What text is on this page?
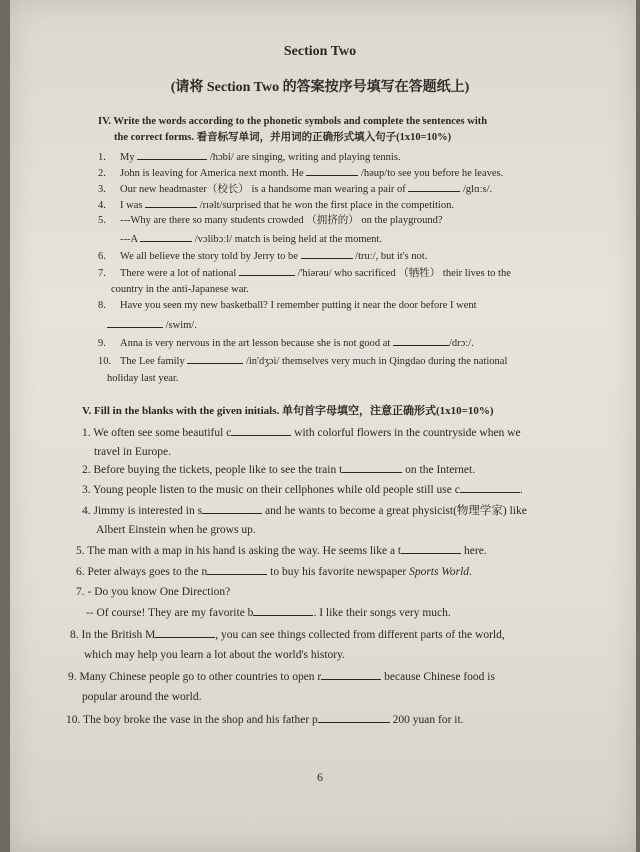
Section Two
(请将 Section Two 的答案按序号填写在答题纸上)
IV. Write the words according to the phonetic symbols and complete the sentences with
the correct forms. 看音标写单词，并用词的正确形式填入句子(1x10=10%)
1. My	/hɔbi/ are singing, writing and playing tennis.
2. John is leaving for America next month. He	/həup/to see you before he leaves.
3. Our new headmaster（校长） is a handsome man wearing a pair of	/glɑːs/.
4. I was	/rɪəlt/surprised that he won the first place in the competition.
5. ---Why are there so many students crowded （拥挤的） on the playground?
---A	/vɔlibɔːl/ match is being held at the moment.
6. We all believe the story told by Jerry to be	/truː/, but it's not.
7. There were a lot of national	/'hiərəu/ who sacrificed （牺牲） their lives to the
country in the anti-Japanese war.
8. Have you seen my new basketball? I remember putting it near the door before I went
/swim/.
9. Anna is very nervous in the art lesson because she is not good at	/drɔː/.
10. The Lee family	/in'dʒɔi/ themselves very much in Qingdao during the national
holiday last year.
V. Fill in the blanks with the given initials. 单句首字母填空，注意正确形式(1x10=10%)
1. We often see some beautiful c	with colorful flowers in the countryside when we
travel in Europe.
2. Before buying the tickets, people like to see the train t	on the Internet.
3. Young people listen to the music on their cellphones while old people still use c	.
4. Jimmy is interested in s	and he wants to become a great physicist(物理学家) like
Albert Einstein when he grows up.
5. The man with a map in his hand is asking the way. He seems like a t	here.
6. Peter always goes to the n	to buy his favorite newspaper Sports World.
7. - Do you know One Direction?
-- Of course! They are my favorite b	. I like their songs very much.
8. In the British M	, you can see things collected from different parts of the world,
which may help you learn a lot about the world's history.
9. Many Chinese people go to other countries to open r	because Chinese food is
popular around the world.
10. The boy broke the vase in the shop and his father p	200 yuan for it.
6
